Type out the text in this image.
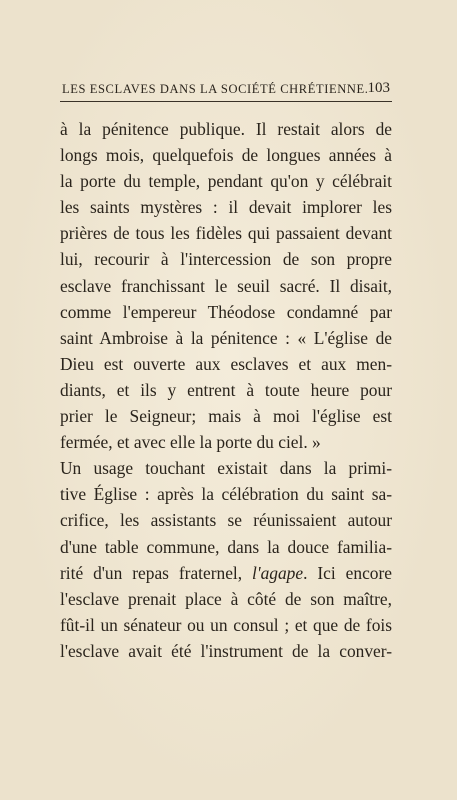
LES ESCLAVES DANS LA SOCIÉTÉ CHRÉTIENNE. 103
à la pénitence publique. Il restait alors de
longs mois, quelquefois de longues années à
la porte du temple, pendant qu'on y célébrait
les saints mystères : il devait implorer les
prières de tous les fidèles qui passaient devant
lui, recourir à l'intercession de son propre
esclave franchissant le seuil sacré. Il disait,
comme l'empereur Théodose condamné par
saint Ambroise à la pénitence : « L'église de
Dieu est ouverte aux esclaves et aux men-
diants, et ils y entrent à toute heure pour
prier le Seigneur; mais à moi l'église est
fermée, et avec elle la porte du ciel. »
Un usage touchant existait dans la primi-
tive Église : après la célébration du saint sa-
crifice, les assistants se réunissaient autour
d'une table commune, dans la douce familia-
rité d'un repas fraternel, l'agape. Ici encore
l'esclave prenait place à côté de son maître,
fût-il un sénateur ou un consul ; et que de fois
l'esclave avait été l'instrument de la conver-
